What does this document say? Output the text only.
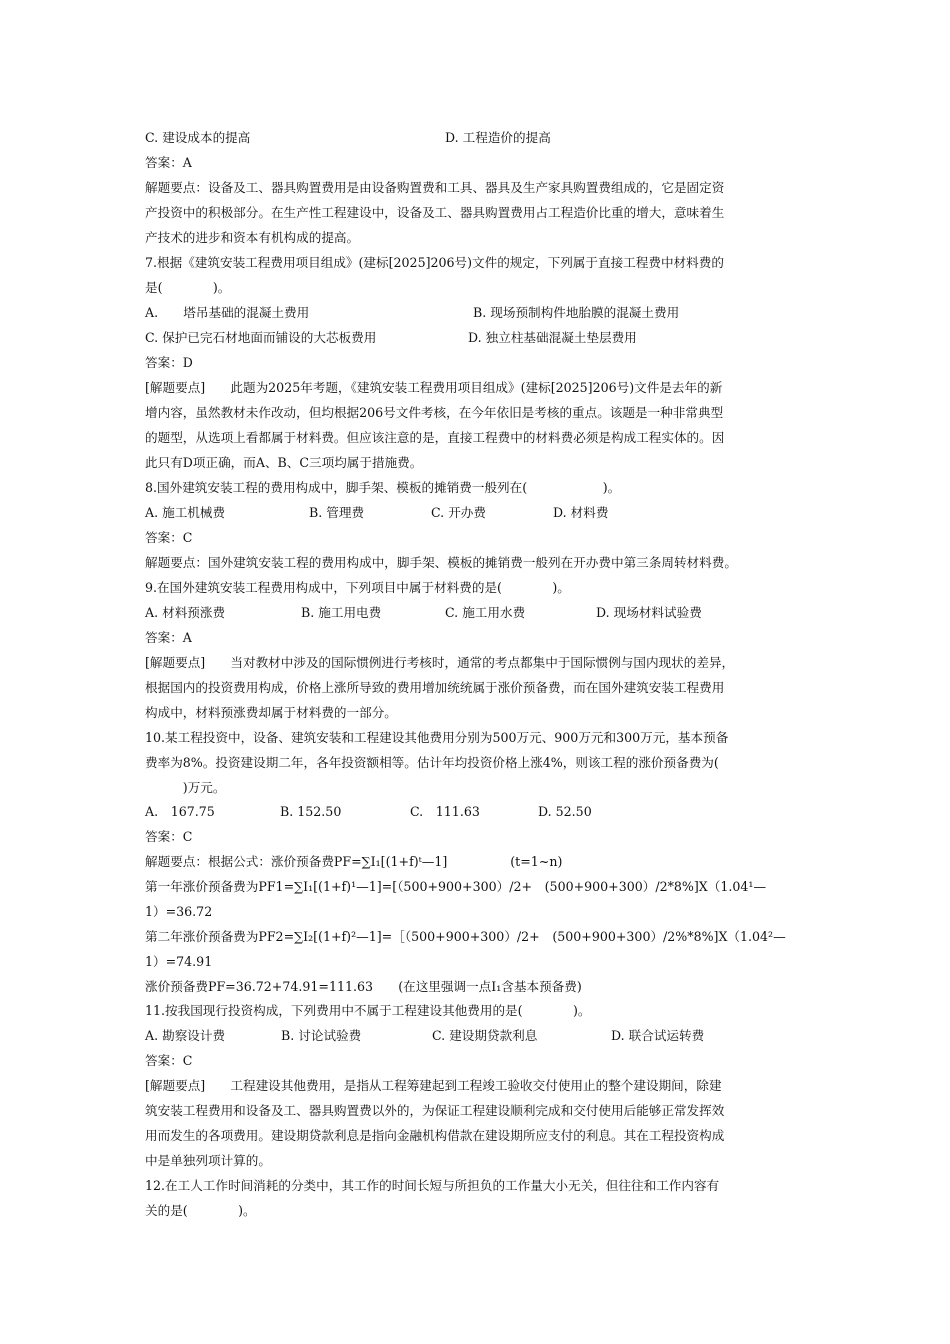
C. 建设成本的提高	D. 工程造价的提高
答案：A
解题要点：设备及工、器具购置费用是由设备购置费和工具、器具及生产家具购置费组成的，它是固定资
产投资中的积极部分。在生产性工程建设中，设备及工、器具购置费用占工程造价比重的增大，意味着生
产技术的进步和资本有机构成的提高。
7.根据《建筑安装工程费用项目组成》(建标[2025]206号)文件的规定，下列属于直接工程费中材料费的
是(　　　　)。
A.　　塔吊基础的混凝土费用	B. 现场预制构件地胎膜的混凝土费用
C. 保护已完石材地面而铺设的大芯板费用	D. 独立柱基础混凝土垫层费用
答案：D
[解题要点]　　此题为2025年考题，《建筑安装工程费用项目组成》(建标[2025]206号)文件是去年的新
增内容，虽然教材未作改动，但均根据206号文件考核，在今年依旧是考核的重点。该题是一种非常典型
的题型，从选项上看都属于材料费。但应该注意的是，直接工程费中的材料费必须是构成工程实体的。因
此只有D项正确，而A、B、C三项均属于措施费。
8.国外建筑安装工程的费用构成中，脚手架、模板的摊销费一般列在(　　　　　　)。
A. 施工机械费	B. 管理费	C. 开办费	D. 材料费
答案：C
解题要点：国外建筑安装工程的费用构成中，脚手架、模板的摊销费一般列在开办费中第三条周转材料费。
9.在国外建筑安装工程费用构成中，下列项目中属于材料费的是(　　　　)。
A. 材料预涨费	B. 施工用电费	C. 施工用水费	D. 现场材料试验费
答案：A
[解题要点]　　当对教材中涉及的国际惯例进行考核时，通常的考点都集中于国际惯例与国内现状的差异，
根据国内的投资费用构成，价格上涨所导致的费用增加统统属于涨价预备费，而在国外建筑安装工程费用
构成中，材料预涨费却属于材料费的一部分。
10.某工程投资中，设备、建筑安装和工程建设其他费用分别为500万元、900万元和300万元，基本预备
费率为8%。投资建设期二年，各年投资额相等。估计年均投资价格上涨4%，则该工程的涨价预备费为(
　　　)万元。
A.　167.75	B. 152.50	C.　111.63	D. 52.50
答案：C
解题要点：根据公式：涨价预备费PF=∑I₁[(1+f)ᵗ—1]　　　　　(t=1~n)
第一年涨价预备费为PF1=∑I₁[(1+f)¹—1]=[（500+900+300）/2+　(500+900+300）/2*8%]X（1.04¹—
1）=36.72
第二年涨价预备费为PF2=∑I₂[(1+f)²—1]=［（500+900+300）/2+　(500+900+300）/2%*8%]X（1.04²—
1）=74.91
涨价预备费PF=36.72+74.91=111.63　　(在这里强调一点I₁含基本预备费)
11.按我国现行投资构成，下列费用中不属于工程建设其他费用的是(　　　　)。
A. 勘察设计费	B. 讨论试验费	C. 建设期贷款利息	D. 联合试运转费
答案：C
[解题要点]　　工程建设其他费用，是指从工程筹建起到工程竣工验收交付使用止的整个建设期间，除建
筑安装工程费用和设备及工、器具购置费以外的，为保证工程建设顺利完成和交付使用后能够正常发挥效
用而发生的各项费用。建设期贷款利息是指向金融机构借款在建设期所应支付的利息。其在工程投资构成
中是单独列项计算的。
12.在工人工作时间消耗的分类中，其工作的时间长短与所担负的工作量大小无关，但往往和工作内容有
关的是(　　　　)。
